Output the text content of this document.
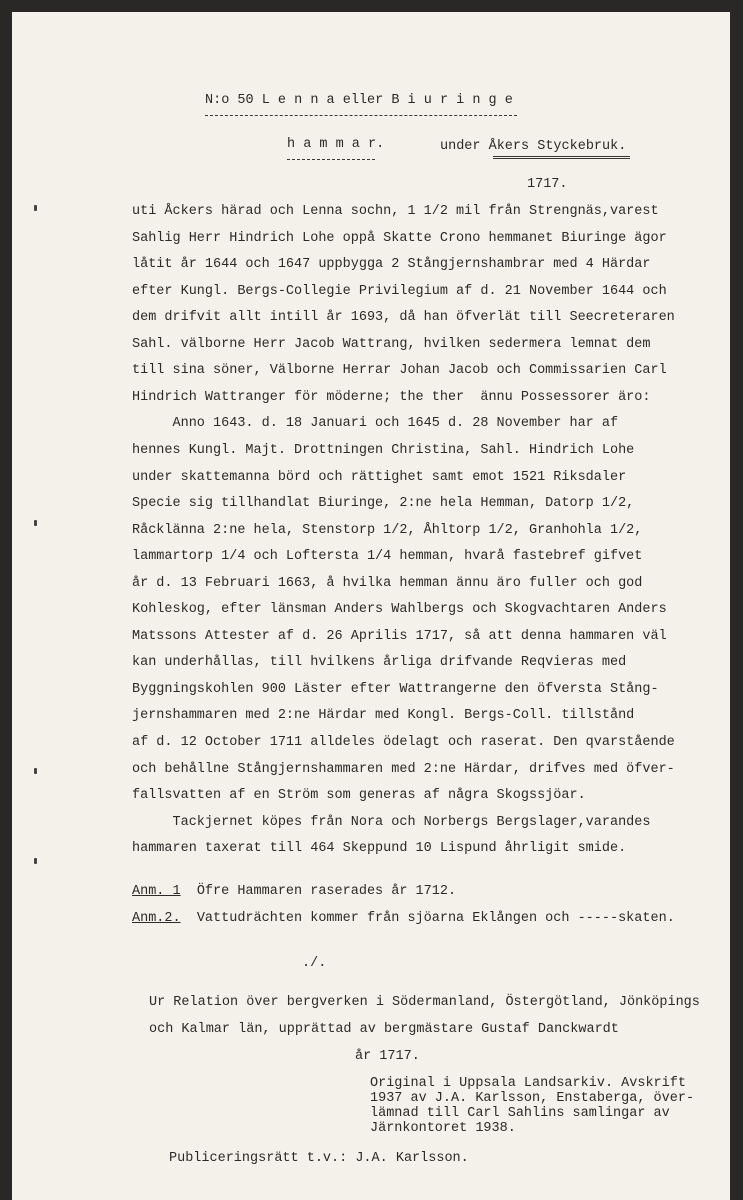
N:o 50 L e n n a eller B i u r i n g e
h a m m a r.	under Åkers Styckebruk.
1717.
uti Åckers härad och Lenna sochn, 1 1/2 mil från Strengnäs,varest
Sahlig Herr Hindrich Lohe oppå Skatte Crono hemmanet Biuringe ägor
låtit år 1644 och 1647 uppbygga 2 Stångjernshambrar med 4 Härdar
efter Kungl. Bergs-Collegie Privilegium af d. 21 November 1644 och
dem drifvit allt intill år 1693, då han öfverlät till Seecreteraren
Sahl. välborne Herr Jacob Wattrang, hvilken sedermera lemnat dem
till sina söner, Välborne Herrar Johan Jacob och Commissarien Carl
Hindrich Wattranger för möderne; the ther  ännu Possessorer äro:
Anno 1643. d. 18 Januari och 1645 d. 28 November har af
hennes Kungl. Majt. Drottningen Christina, Sahl. Hindrich Lohe
under skattemanna börd och rättighet samt emot 1521 Riksdaler
Specie sig tillhandlat Biuringe, 2:ne hela Hemman, Datorp 1/2,
Råcklänna 2:ne hela, Stenstorp 1/2, Åhltorp 1/2, Granhohla 1/2,
lammartorp 1/4 och Loftersta 1/4 hemman, hvarå fastebref gifvet
år d. 13 Februari 1663, å hvilka hemman ännu äro fuller och god
Kohleskog, efter länsman Anders Wahlbergs och Skogvachtaren Anders
Matssons Attester af d. 26 Aprilis 1717, så att denna hammaren väl
kan underhållas, till hvilkens årliga drifvande Reqvieras med
Byggningskohlen 900 Läster efter Wattrangerne den öfversta Stång-
jernshammaren med 2:ne Härdar med Kongl. Bergs-Coll. tillstånd
af d. 12 October 1711 alldeles ödelagt och raserat. Den qvarstående
och behållne Stångjernshammaren med 2:ne Härdar, drifves med öfver-
fallsvatten af en Ström som generas af några Skogssjöar.
Tackjernet köpes från Nora och Norbergs Bergslager,varandes
hammaren taxerat till 464 Skeppund 10 Lispund åhrligit smide.
Anm. 1 Öfre Hammaren raserades år 1712.
Anm.2. Vattudrächten kommer från sjöarna Eklången och -----skaten.
./.
Ur Relation över bergverken i Södermanland, Östergötland, Jönköpings
och Kalmar län, upprättad av bergmästare Gustaf Danckwardt
år 1717.
Original i Uppsala Landsarkiv. Avskrift
1937 av J.A. Karlsson, Enstaberga, över-
lämnad till Carl Sahlins samlingar av
Järnkontoret 1938.
Publiceringsrätt t.v.: J.A. Karlsson.
